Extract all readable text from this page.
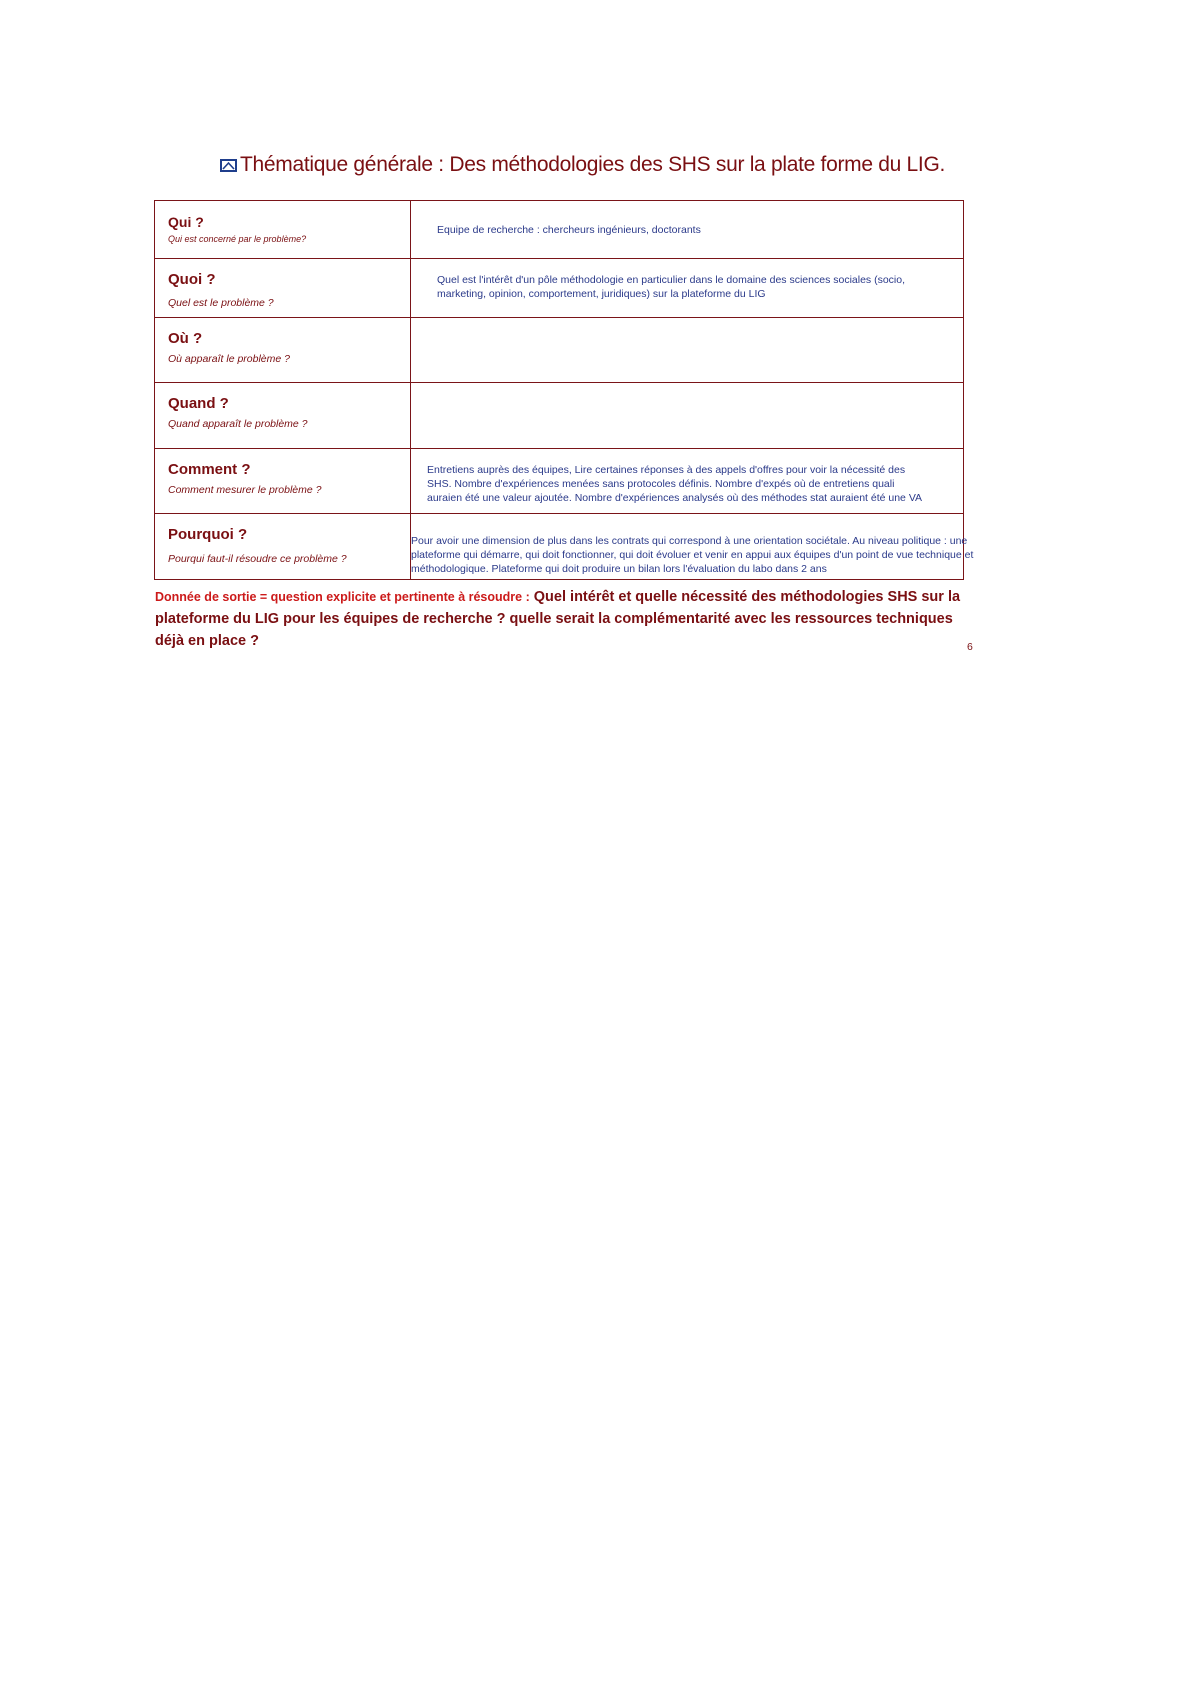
Thématique générale : Des méthodologies des SHS sur la plate forme du LIG.
Qui ?
Qui est concerné par le problème?	Equipe de recherche : chercheurs ingénieurs, doctorants

Quoi ?
Quel est le problème ?	Quel est l'intérêt d'un pôle méthodologie en particulier dans le domaine des sciences sociales (socio, marketing, opinion, comportement, juridiques) sur la plateforme du LIG

Où ?
Où apparaît le problème ?	

Quand ?
Quand apparaît le problème ?	

Comment ?
Comment mesurer le problème ?	Entretiens auprès des équipes, Lire certaines réponses à des appels d'offres pour voir la nécessité des SHS. Nombre d'expériences menées sans protocoles définis. Nombre d'expés où de entretiens quali auraien été une valeur ajoutée. Nombre d'expériences analysés où des méthodes stat auraient été une VA

Pourquoi ?
Pourqui faut-il résoudre ce problème ?	Pour avoir une dimension de plus dans les contrats qui correspond à une orientation sociétale. Au niveau politique : une plateforme qui démarre, qui doit fonctionner, qui doit évoluer et venir en appui aux équipes d'un point de vue technique et méthodologique. Plateforme qui doit produire un bilan lors l'évaluation du labo dans 2 ans
Donnée de sortie = question explicite et pertinente à résoudre : Quel intérêt et quelle nécessité des méthodologies SHS sur la plateforme du LIG pour les équipes de recherche ? quelle serait la complémentarité avec les ressources techniques déjà en place ?	6
